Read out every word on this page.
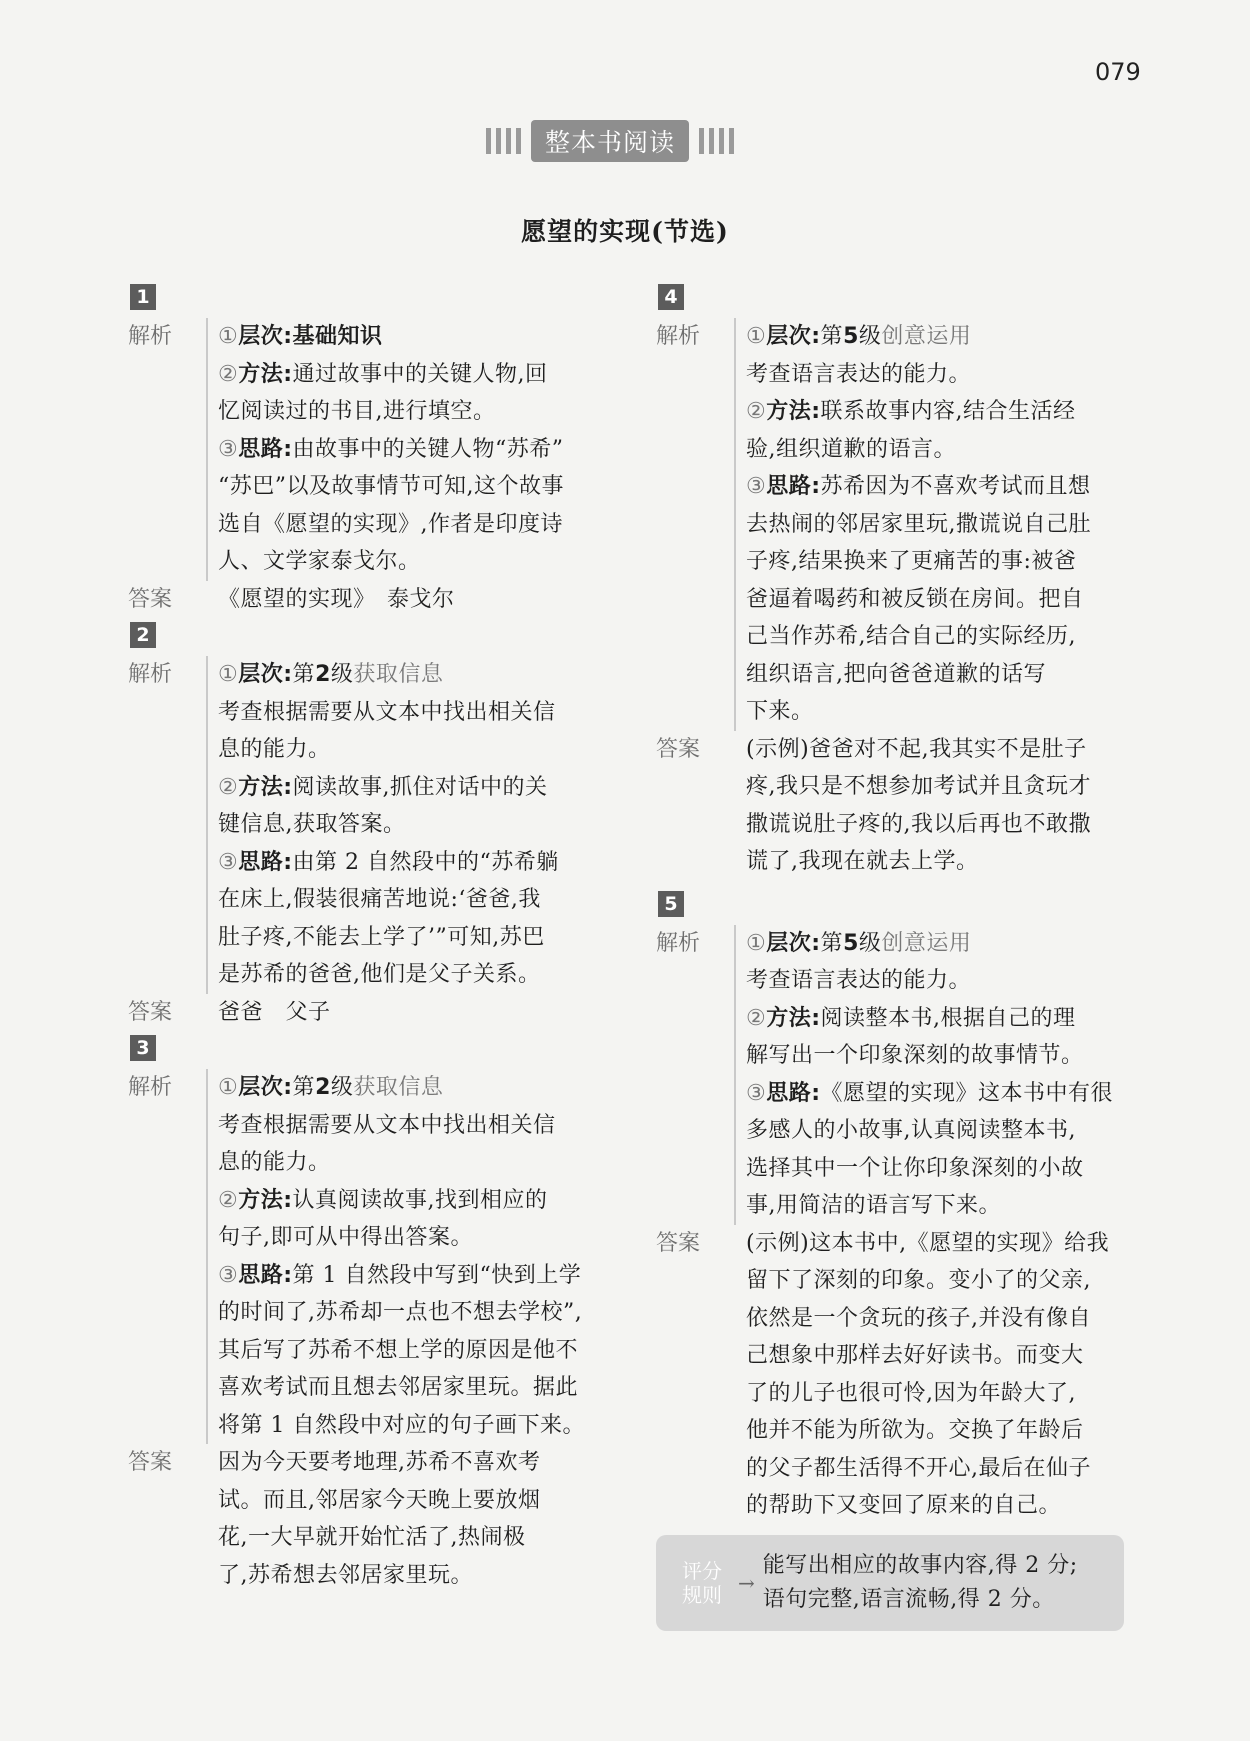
079
整本书阅读
愿望的实现(节选)
1
解析	①层次:基础知识
②方法:通过故事中的关键人物,回
忆阅读过的书目,进行填空。
③思路:由故事中的关键人物“苏希”
“苏巴”以及故事情节可知,这个故事
选自《愿望的实现》,作者是印度诗
人、文学家泰戈尔。
答案	《愿望的实现》　泰戈尔
2
解析	①层次:第2级获取信息
考查根据需要从文本中找出相关信
息的能力。
②方法:阅读故事,抓住对话中的关
键信息,获取答案。
③思路:由第 2 自然段中的“苏希躺
在床上,假装很痛苦地说:‘爸爸,我
肚子疼,不能去上学了’”可知,苏巴
是苏希的爸爸,他们是父子关系。
答案	爸爸　父子
3
解析	①层次:第2级获取信息
考查根据需要从文本中找出相关信
息的能力。
②方法:认真阅读故事,找到相应的
句子,即可从中得出答案。
③思路:第 1 自然段中写到“快到上学
的时间了,苏希却一点也不想去学校”,
其后写了苏希不想上学的原因是他不
喜欢考试而且想去邻居家里玩。据此
将第 1 自然段中对应的句子画下来。
答案	因为今天要考地理,苏希不喜欢考
试。而且,邻居家今天晚上要放烟
花,一大早就开始忙活了,热闹极
了,苏希想去邻居家里玩。
4
解析	①层次:第5级创意运用
考查语言表达的能力。
②方法:联系故事内容,结合生活经
验,组织道歉的语言。
③思路:苏希因为不喜欢考试而且想
去热闹的邻居家里玩,撒谎说自己肚
子疼,结果换来了更痛苦的事:被爸
爸逼着喝药和被反锁在房间。把自
己当作苏希,结合自己的实际经历,
组织语言,把向爸爸道歉的话写
下来。
答案	(示例)爸爸对不起,我其实不是肚子
疼,我只是不想参加考试并且贪玩才
撒谎说肚子疼的,我以后再也不敢撒
谎了,我现在就去上学。
5
解析	①层次:第5级创意运用
考查语言表达的能力。
②方法:阅读整本书,根据自己的理
解写出一个印象深刻的故事情节。
③思路:《愿望的实现》这本书中有很
多感人的小故事,认真阅读整本书,
选择其中一个让你印象深刻的小故
事,用简洁的语言写下来。
答案	(示例)这本书中,《愿望的实现》给我
留下了深刻的印象。变小了的父亲,
依然是一个贪玩的孩子,并没有像自
己想象中那样去好好读书。而变大
了的儿子也很可怜,因为年龄大了,
他并不能为所欲为。交换了年龄后
的父子都生活得不开心,最后在仙子
的帮助下又变回了原来的自己。
评分
规则 →
能写出相应的故事内容,得 2 分;
语句完整,语言流畅,得 2 分。
